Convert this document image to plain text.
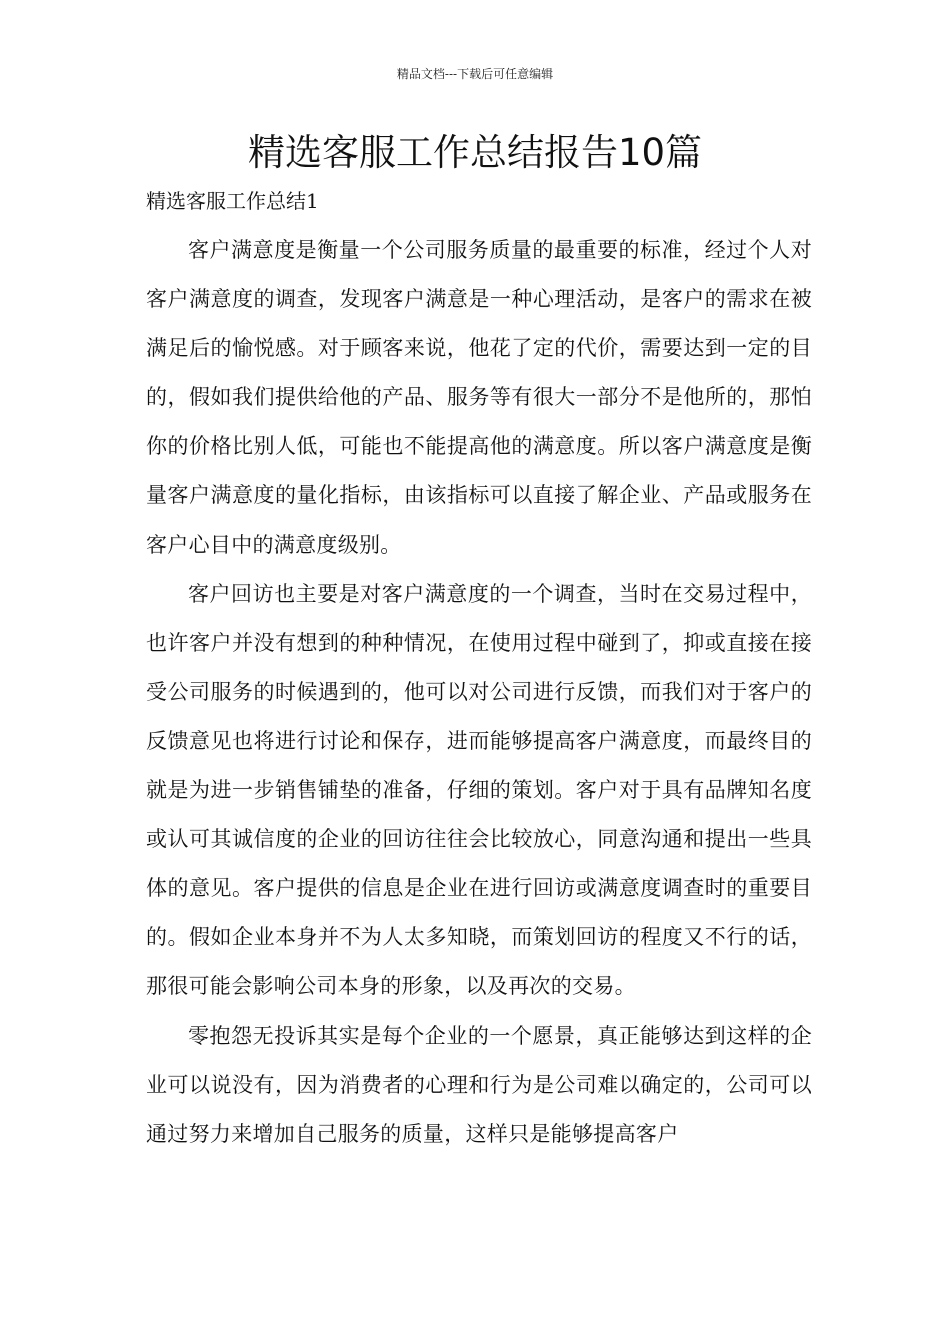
精品文档---下载后可任意编辑
精选客服工作总结报告10篇
精选客服工作总结1

客户满意度是衡量一个公司服务质量的最重要的标准，经过个人对客户满意度的调查，发现客户满意是一种心理活动，是客户的需求在被满足后的愉悦感。对于顾客来说，他花了定的代价，需要达到一定的目的，假如我们提供给他的产品、服务等有很大一部分不是他所的，那怕你的价格比别人低，可能也不能提高他的满意度。所以客户满意度是衡量客户满意度的量化指标，由该指标可以直接了解企业、产品或服务在客户心目中的满意度级别。

客户回访也主要是对客户满意度的一个调查，当时在交易过程中，也许客户并没有想到的种种情况，在使用过程中碰到了，抑或直接在接受公司服务的时候遇到的，他可以对公司进行反馈，而我们对于客户的反馈意见也将进行讨论和保存，进而能够提高客户满意度，而最终目的就是为进一步销售铺垫的准备，仔细的策划。客户对于具有品牌知名度或认可其诚信度的企业的回访往往会比较放心，同意沟通和提出一些具体的意见。客户提供的信息是企业在进行回访或满意度调查时的重要目的。假如企业本身并不为人太多知晓，而策划回访的程度又不行的话，那很可能会影响公司本身的形象，以及再次的交易。

零抱怨无投诉其实是每个企业的一个愿景，真正能够达到这样的企业可以说没有，因为消费者的心理和行为是公司难以确定的，公司可以通过努力来增加自己服务的质量，这样只是能够提高客户
